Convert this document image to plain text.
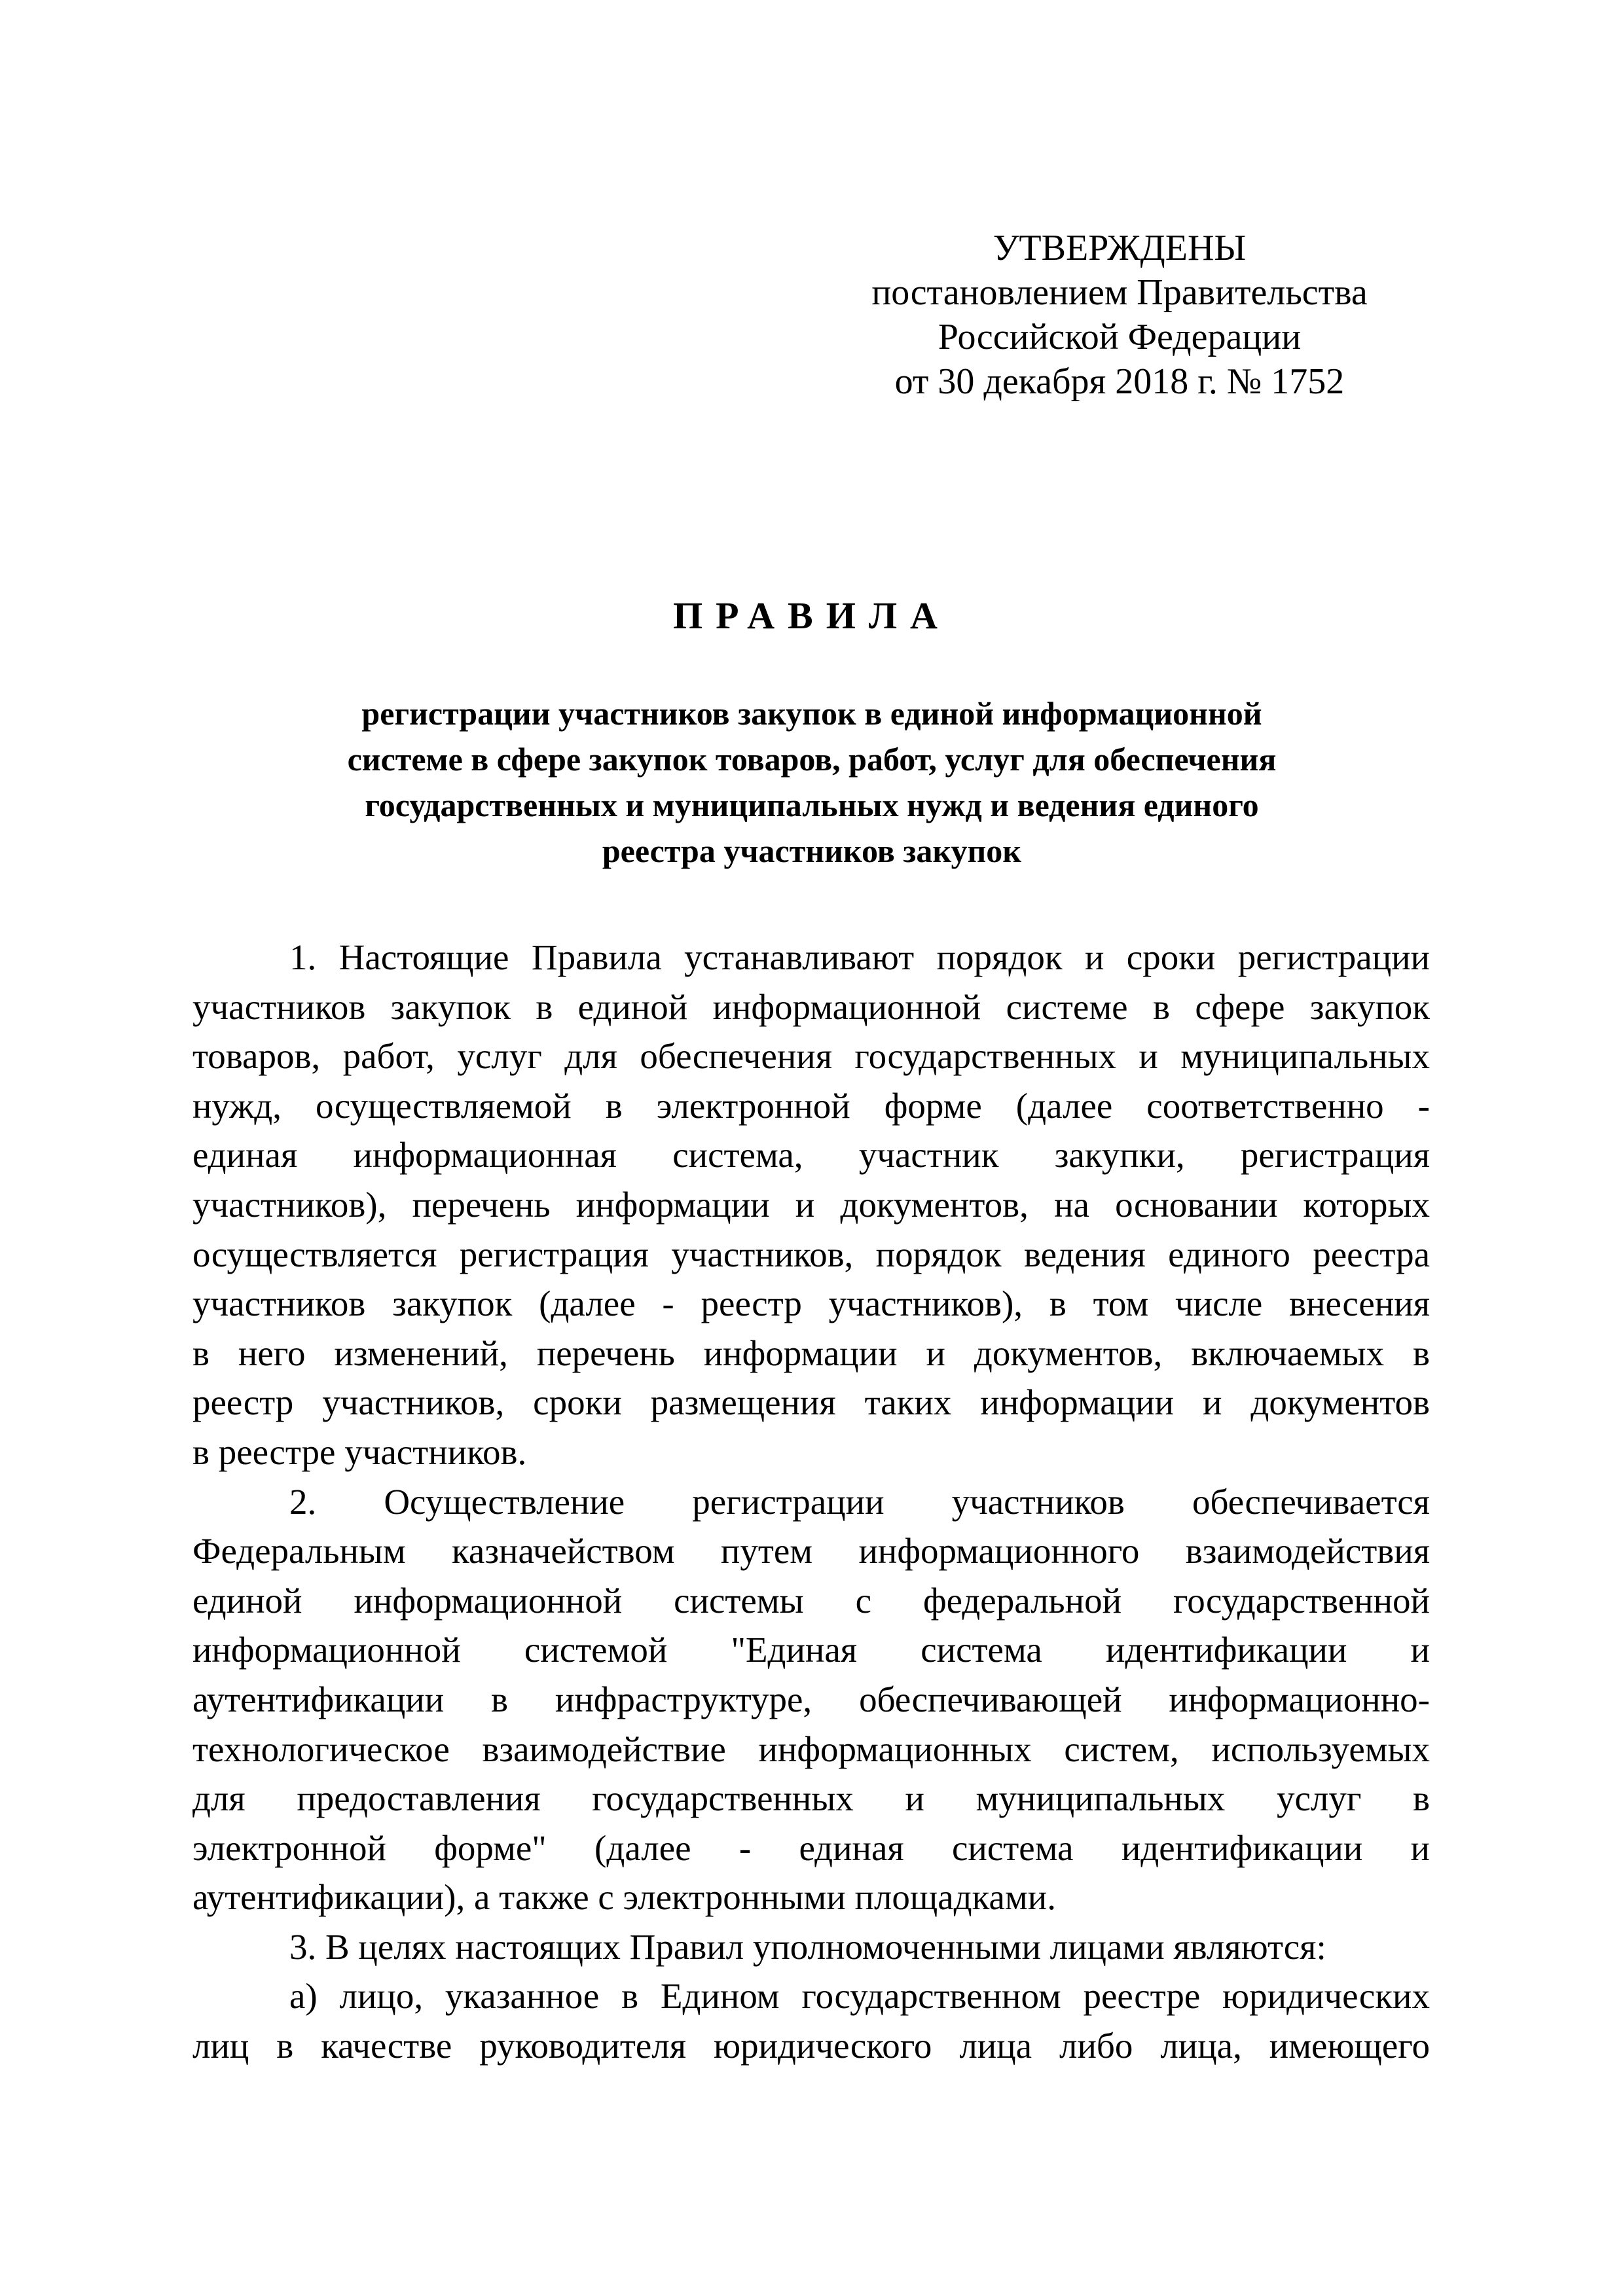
УТВЕРЖДЕНЫ
постановлением Правительства
Российской Федерации
от 30 декабря 2018 г. № 1752
ПРАВИЛА
регистрации участников закупок в единой информационной
системе в сфере закупок товаров, работ, услуг для обеспечения
государственных и муниципальных нужд и ведения единого
реестра участников закупок
1. Настоящие Правила устанавливают порядок и сроки регистрации
участников закупок в единой информационной системе в сфере закупок
товаров, работ, услуг для обеспечения государственных и муниципальных
нужд, осуществляемой в электронной форме (далее соответственно -
единая информационная система, участник закупки, регистрация
участников), перечень информации и документов, на основании которых
осуществляется регистрация участников, порядок ведения единого реестра
участников закупок (далее - реестр участников), в том числе внесения
в него изменений, перечень информации и документов, включаемых в
реестр участников, сроки размещения таких информации и документов
в реестре участников.
2. Осуществление регистрации участников обеспечивается
Федеральным казначейством путем информационного взаимодействия
единой информационной системы с федеральной государственной
информационной системой "Единая система идентификации и
аутентификации в инфраструктуре, обеспечивающей информационно-
технологическое взаимодействие информационных систем, используемых
для предоставления государственных и муниципальных услуг в
электронной форме" (далее - единая система идентификации и
аутентификации), а также с электронными площадками.
3. В целях настоящих Правил уполномоченными лицами являются:
а) лицо, указанное в Едином государственном реестре юридических
лиц в качестве руководителя юридического лица либо лица, имеющего
